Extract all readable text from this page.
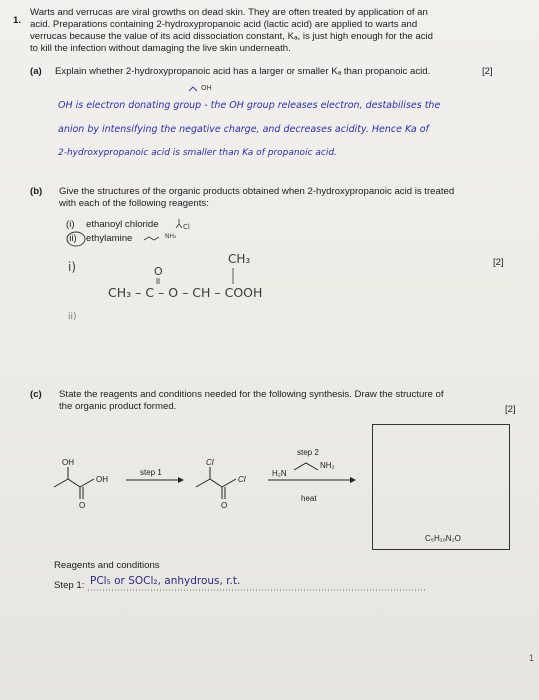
1.
Warts and verrucas are viral growths on dead skin. They are often treated by application of an
acid. Preparations containing 2-hydroxypropanoic acid (lactic acid) are applied to warts and
verrucas because the value of its acid dissociation constant, Kₐ, is just high enough for the acid
to kill the infection without damaging the live skin underneath.
(a) Explain whether 2-hydroxypropanoic acid has a larger or smaller Kₐ than propanoic acid.	[2]
OH
OH is electron donating group - the OH group releases electron, destabilises the
anion by intensifying the negative charge, and decreases acidity. Hence Ka of
2-hydroxypropanoic acid is smaller than Ka of propanoic acid.
(b) Give the structures of the organic products obtained when 2-hydroxypropanoic acid is treated
with each of the following reagents:
(i) ethanoyl chloride
(ii) ethylamine	NH₂
Cl
[2]
i)
CH₃
O
CH₃ – C – O – CH – COOH
ii)
(c) State the reagents and conditions needed for the following synthesis. Draw the structure of
the organic product formed.	[2]
OH
OH
O
step 1
Cl
Cl
O
step 2
H₂N
NH₂
heat
C₅H₁₀N₂O
Reagents and conditions
Step 1: PCl₅ or SOCl₂, anhydrous, r.t.
1
